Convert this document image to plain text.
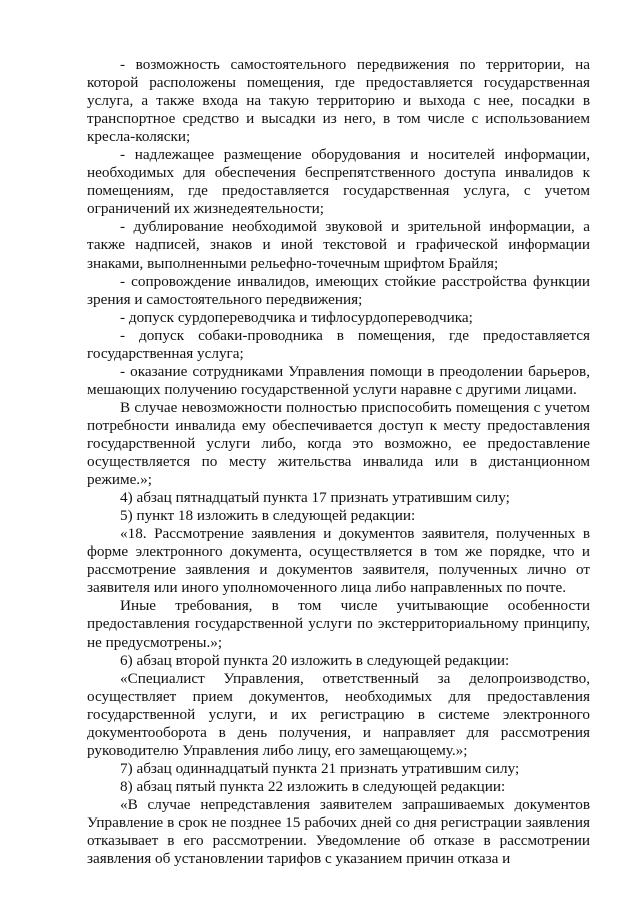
- возможность самостоятельного передвижения по территории, на которой расположены помещения, где предоставляется государственная услуга, а также входа на такую территорию и выхода с нее, посадки в транспортное средство и высадки из него, в том числе с использованием кресла-коляски;

- надлежащее размещение оборудования и носителей информации, необходимых для обеспечения беспрепятственного доступа инвалидов к помещениям, где предоставляется государственная услуга, с учетом ограничений их жизнедеятельности;

- дублирование необходимой звуковой и зрительной информации, а также надписей, знаков и иной текстовой и графической информации знаками, выполненными рельефно-точечным шрифтом Брайля;

- сопровождение инвалидов, имеющих стойкие расстройства функции зрения и самостоятельного передвижения;

- допуск сурдопереводчика и тифлосурдопереводчика;

- допуск собаки-проводника в помещения, где предоставляется государственная услуга;

- оказание сотрудниками Управления помощи в преодолении барьеров, мешающих получению государственной услуги наравне с другими лицами.

В случае невозможности полностью приспособить помещения с учетом потребности инвалида ему обеспечивается доступ к месту предоставления государственной услуги либо, когда это возможно, ее предоставление осуществляется по месту жительства инвалида или в дистанционном режиме.»;

4) абзац пятнадцатый пункта 17 признать утратившим силу;

5) пункт 18 изложить в следующей редакции:

«18. Рассмотрение заявления и документов заявителя, полученных в форме электронного документа, осуществляется в том же порядке, что и рассмотрение заявления и документов заявителя, полученных лично от заявителя или иного уполномоченного лица либо направленных по почте.

Иные требования, в том числе учитывающие особенности предоставления государственной услуги по экстерриториальному принципу, не предусмотрены.»;

6) абзац второй пункта 20 изложить в следующей редакции:

«Специалист Управления, ответственный за делопроизводство, осуществляет прием документов, необходимых для предоставления государственной услуги, и их регистрацию в системе электронного документооборота в день получения, и направляет для рассмотрения руководителю Управления либо лицу, его замещающему.»;

7) абзац одиннадцатый пункта 21 признать утратившим силу;

8) абзац пятый пункта 22 изложить в следующей редакции:

«В случае непредставления заявителем запрашиваемых документов Управление в срок не позднее 15 рабочих дней со дня регистрации заявления отказывает в его рассмотрении. Уведомление об отказе в рассмотрении заявления об установлении тарифов с указанием причин отказа и
